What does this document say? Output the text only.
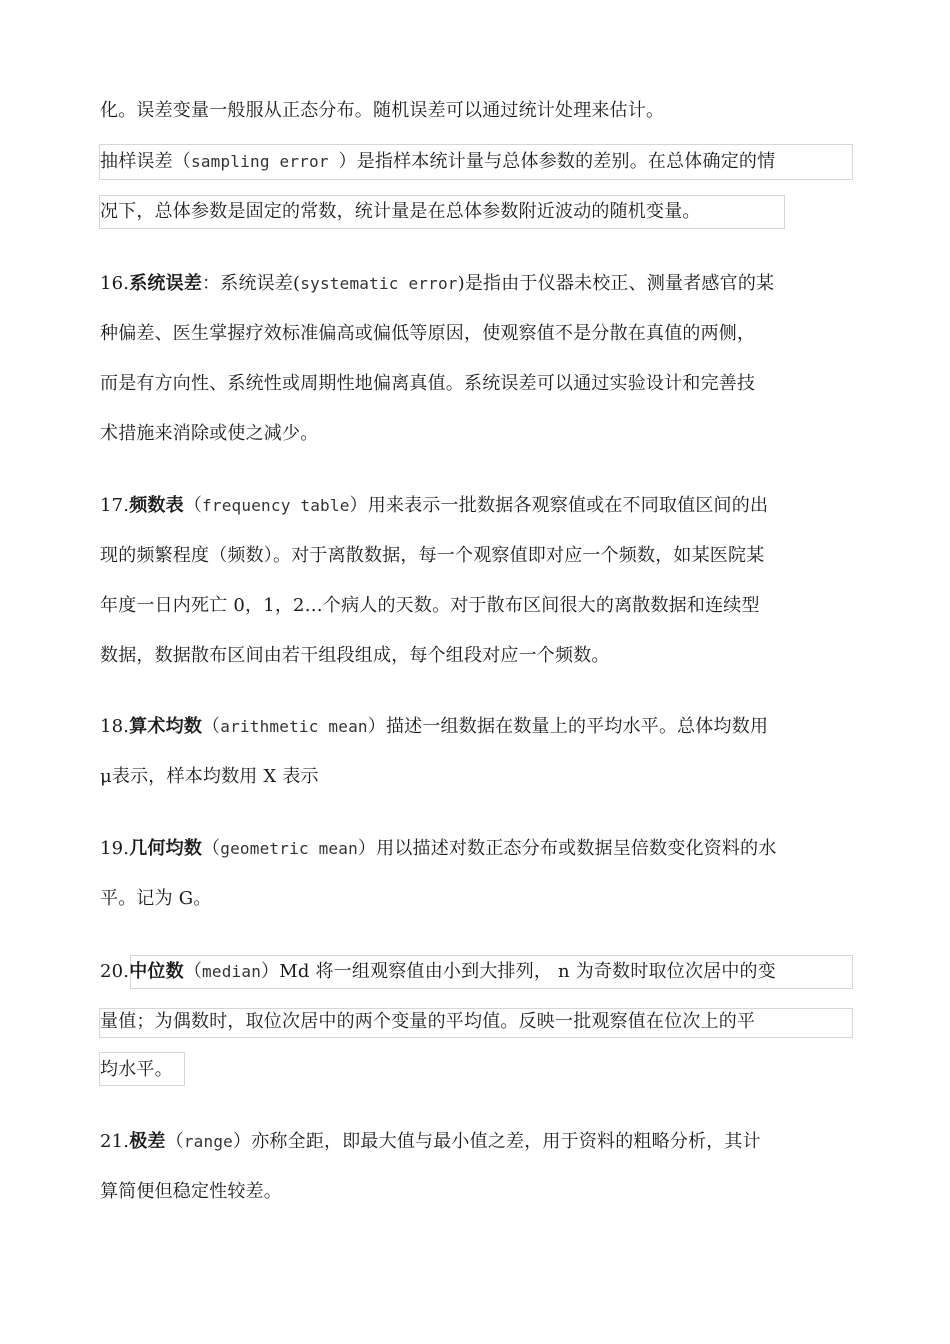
化。误差变量一般服从正态分布。随机误差可以通过统计处理来估计。
抽样误差（sampling error ）是指样本统计量与总体参数的差别。在总体确定的情
况下，总体参数是固定的常数，统计量是在总体参数附近波动的随机变量。
16.系统误差：系统误差(systematic error)是指由于仪器未校正、测量者感官的某
种偏差、医生掌握疗效标准偏高或偏低等原因，使观察值不是分散在真值的两侧，
而是有方向性、系统性或周期性地偏离真值。系统误差可以通过实验设计和完善技
术措施来消除或使之减少。
17.频数表（frequency table）用来表示一批数据各观察值或在不同取值区间的出
现的频繁程度（频数）。对于离散数据，每一个观察值即对应一个频数，如某医院某
年度一日内死亡 0，1，2…个病人的天数。对于散布区间很大的离散数据和连续型
数据，数据散布区间由若干组段组成，每个组段对应一个频数。
18.算术均数（arithmetic mean）描述一组数据在数量上的平均水平。总体均数用
μ表示，样本均数用 X 表示
19.几何均数（geometric mean）用以描述对数正态分布或数据呈倍数变化资料的水
平。记为 G。
20.中位数（median）Md 将一组观察值由小到大排列， n 为奇数时取位次居中的变
量值；为偶数时，取位次居中的两个变量的平均值。反映一批观察值在位次上的平
均水平。
21.极差（range）亦称全距，即最大值与最小值之差，用于资料的粗略分析，其计
算简便但稳定性较差。
